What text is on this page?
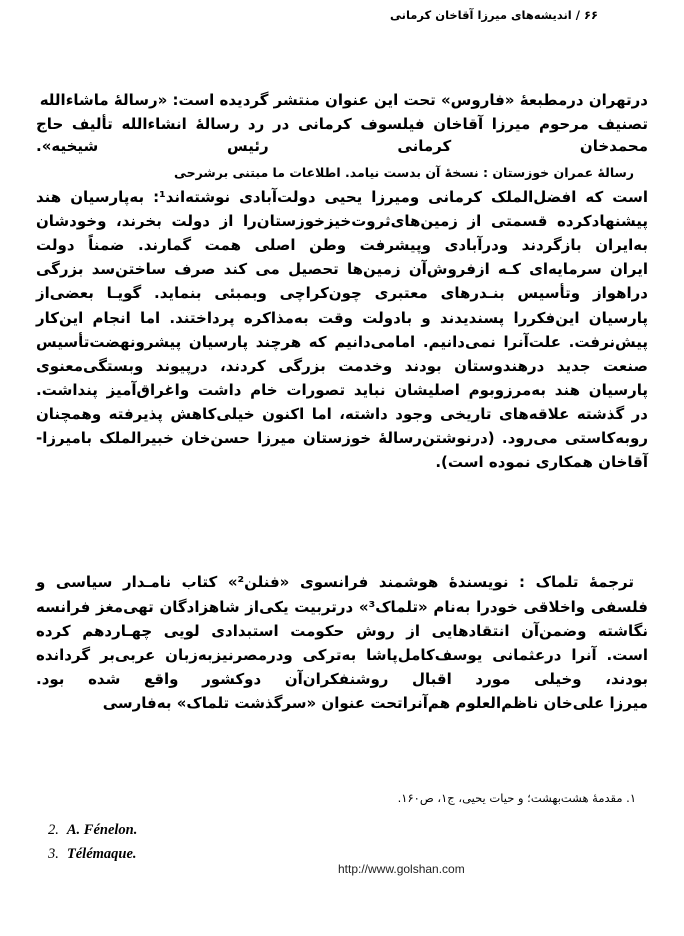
۶۶ / اندیشه‌های میرزا آقاخان کرمانی
درتهران درمطبعهٔ «فاروس» تحت این عنوان منتشر گردیده است: «رسالهٔ ماشاءالله
تصنیف مرحوم میرزا آقاخان فیلسوف کرمانی در رد رسالهٔ انشاءالله تألیف حاج
محمدخان کرمانی رئیس شیخیه».
رسالهٔ عمران خوزستان : نسخهٔ آن بدست نیامد. اطلاعات ما مبتنی برشرحی
است که افضل‌الملک کرمانی ومیرزا یحیی دولت‌آبادی نوشته‌اند¹: به‌پارسیان هند
پیشنهادکرده قسمتی از زمین‌های‌ثروت‌خیزخوزستان‌را از دولت بخرند، وخودشان
به‌ایران بازگردند ودرآبادی وپیشرفت وطن اصلی همت گمارند. ضمناً دولت
ایران سرمایه‌ای کـه ازفروش‌آن زمین‌ها تحصیل می کند صرف ساختن‌سد بزرگی
دراهواز وتأسیس بنـدرهای معتبری چون‌کراچی وبمبئی بنماید. گویـا بعضی‌از
پارسیان این‌فکررا پسندیدند و بادولت وقت به‌مذاکره پرداختند. اما انجام این‌کار
پیش‌نرفت. علت‌آنرا نمی‌دانیم. امامی‌دانیم که هرچند پارسیان پیشرونهضت‌تأسیس
صنعت جدید درهندوستان بودند وخدمت بزرگی کردند، درپیوند وبستگی‌معنوی
پارسیان هند به‌مرزوبوم اصلیشان نباید تصورات خام داشت واغراق‌آمیز پنداشت.
در گذشته علاقه‌های تاریخی وجود داشته، اما اکنون خیلی‌کاهش پذیرفته وهمچنان
روبه‌کاستی می‌رود. (درنوشتن‌رسالهٔ خوزستان میرزا حسن‌خان خبیرالملک بامیرزا-
آقاخان همکاری نموده است).
ترجمهٔ تلماک : نویسندهٔ هوشمند فرانسوی «فنلن²» کتاب نامـدار سیاسی و
فلسفی واخلاقی خودرا به‌نام «تلماک³» درتربیت یکی‌از شاهزادگان تهی‌مغز فرانسه
نگاشته وضمن‌آن انتقادهایی از روش حکومت استبدادی لویی چهـاردهم کرده
است. آنرا درعثمانی یوسف‌کامل‌پاشا به‌ترکی ودرمصرنیزبه‌زبان عربی‌بر گردانده
بودند، وخیلی مورد اقبال روشنفکران‌آن دوکشور واقع شده بود.
میرزا علی‌خان ناظم‌العلوم هم‌آنراتحت عنوان «سرگذشت تلماک» به‌فارسی
۱. مقدمهٔ هشت‌بهشت؛ و حیات یحیی، ج۱، ص۱۶۰.
2. A. Fénelon.
3. Télémaque.
http://www.golshan.com
